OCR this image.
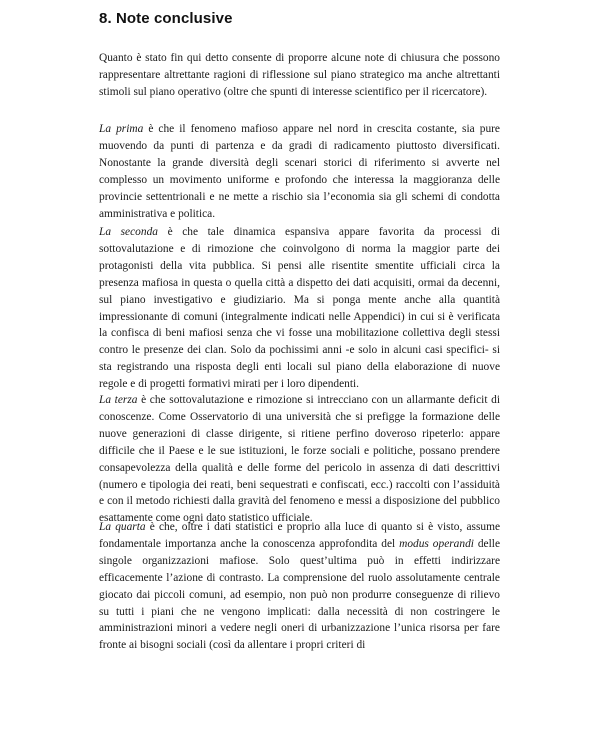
8. Note conclusive

Quanto è stato fin qui detto consente di proporre alcune note di chiusura che possono rappresentare altrettante ragioni di riflessione sul piano strategico ma anche altrettanti stimoli sul piano operativo (oltre che spunti di interesse scientifico per il ricercatore).

La prima è che il fenomeno mafioso appare nel nord in crescita costante, sia pure muovendo da punti di partenza e da gradi di radicamento piuttosto diversificati. Nonostante la grande diversità degli scenari storici di riferimento si avverte nel complesso un movimento uniforme e profondo che interessa la maggioranza delle provincie settentrionali e ne mette a rischio sia l’economia sia gli schemi di condotta amministrativa e politica.

La seconda è che tale dinamica espansiva appare favorita da processi di sottovalutazione e di rimozione che coinvolgono di norma la maggior parte dei protagonisti della vita pubblica. Si pensi alle risentite smentite ufficiali circa la presenza mafiosa in questa o quella città a dispetto dei dati acquisiti, ormai da decenni, sul piano investigativo e giudiziario. Ma si ponga mente anche alla quantità impressionante di comuni (integralmente indicati nelle Appendici) in cui si è verificata la confisca di beni mafiosi senza che vi fosse una mobilitazione collettiva degli stessi contro le presenze dei clan. Solo da pochissimi anni -e solo in alcuni casi specifici- si sta registrando una risposta degli enti locali sul piano della elaborazione di nuove regole e di progetti formativi mirati per i loro dipendenti.

La terza è che sottovalutazione e rimozione si intrecciano con un allarmante deficit di conoscenze. Come Osservatorio di una università che si prefigge la formazione delle nuove generazioni di classe dirigente, si ritiene perfino doveroso ripeterlo: appare difficile che il Paese e le sue istituzioni, le forze sociali e politiche, possano prendere consapevolezza della qualità e delle forme del pericolo in assenza di dati descrittivi (numero e tipologia dei reati, beni sequestrati e confiscati, ecc.) raccolti con l’assiduità e con il metodo richiesti dalla gravità del fenomeno e messi a disposizione del pubblico esattamente come ogni dato statistico ufficiale.

La quarta è che, oltre i dati statistici e proprio alla luce di quanto si è visto, assume fondamentale importanza anche la conoscenza approfondita del modus operandi delle singole organizzazioni mafiose. Solo quest’ultima può in effetti indirizzare efficacemente l’azione di contrasto. La comprensione del ruolo assolutamente centrale giocato dai piccoli comuni, ad esempio, non può non produrre conseguenze di rilievo su tutti i piani che ne vengono implicati: dalla necessità di non costringere le amministrazioni minori a vedere negli oneri di urbanizzazione l’unica risorsa per fare fronte ai bisogni sociali (così da allentare i propri criteri di
